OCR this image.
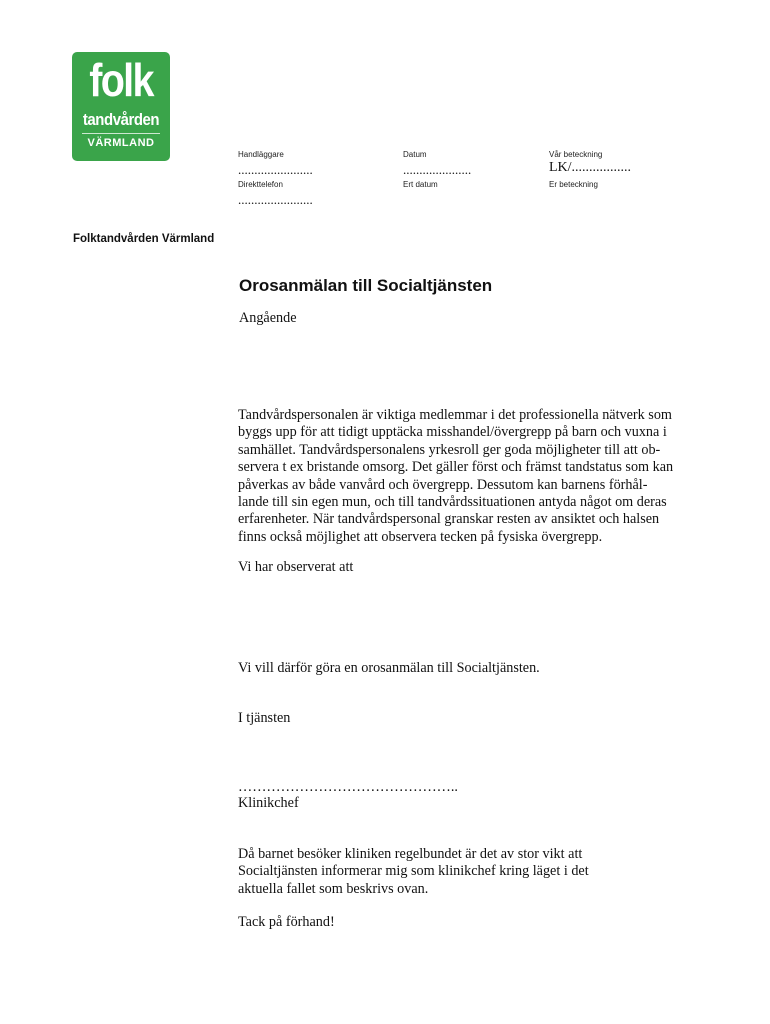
folk
tandvården
VÄRMLAND
Handläggare
.......................
Datum
.....................
Vår beteckning
LK/.................
Direkttelefon
.......................
Ert datum	Er beteckning
Folktandvården Värmland
Orosanmälan till Socialtjänsten
Angående
Tandvårdspersonalen är viktiga medlemmar i det professionella nätverk som
byggs upp för att tidigt upptäcka misshandel/övergrepp på barn och vuxna i
samhället. Tandvårdspersonalens yrkesroll ger goda möjligheter till att ob-
servera t ex bristande omsorg. Det gäller först och främst tandstatus som kan
påverkas av både vanvård och övergrepp. Dessutom kan barnens förhål-
lande till sin egen mun, och till tandvårdssituationen antyda något om deras
erfarenheter. När tandvårdspersonal granskar resten av ansiktet och halsen
finns också möjlighet att observera tecken på fysiska övergrepp.
Vi har observerat att
Vi vill därför göra en orosanmälan till Socialtjänsten.
I tjänsten
………………………………………..
Klinikchef
Då barnet besöker kliniken regelbundet är det av stor vikt att
Socialtjänsten informerar mig som klinikchef kring läget i det
aktuella fallet som beskrivs ovan.
Tack på förhand!
